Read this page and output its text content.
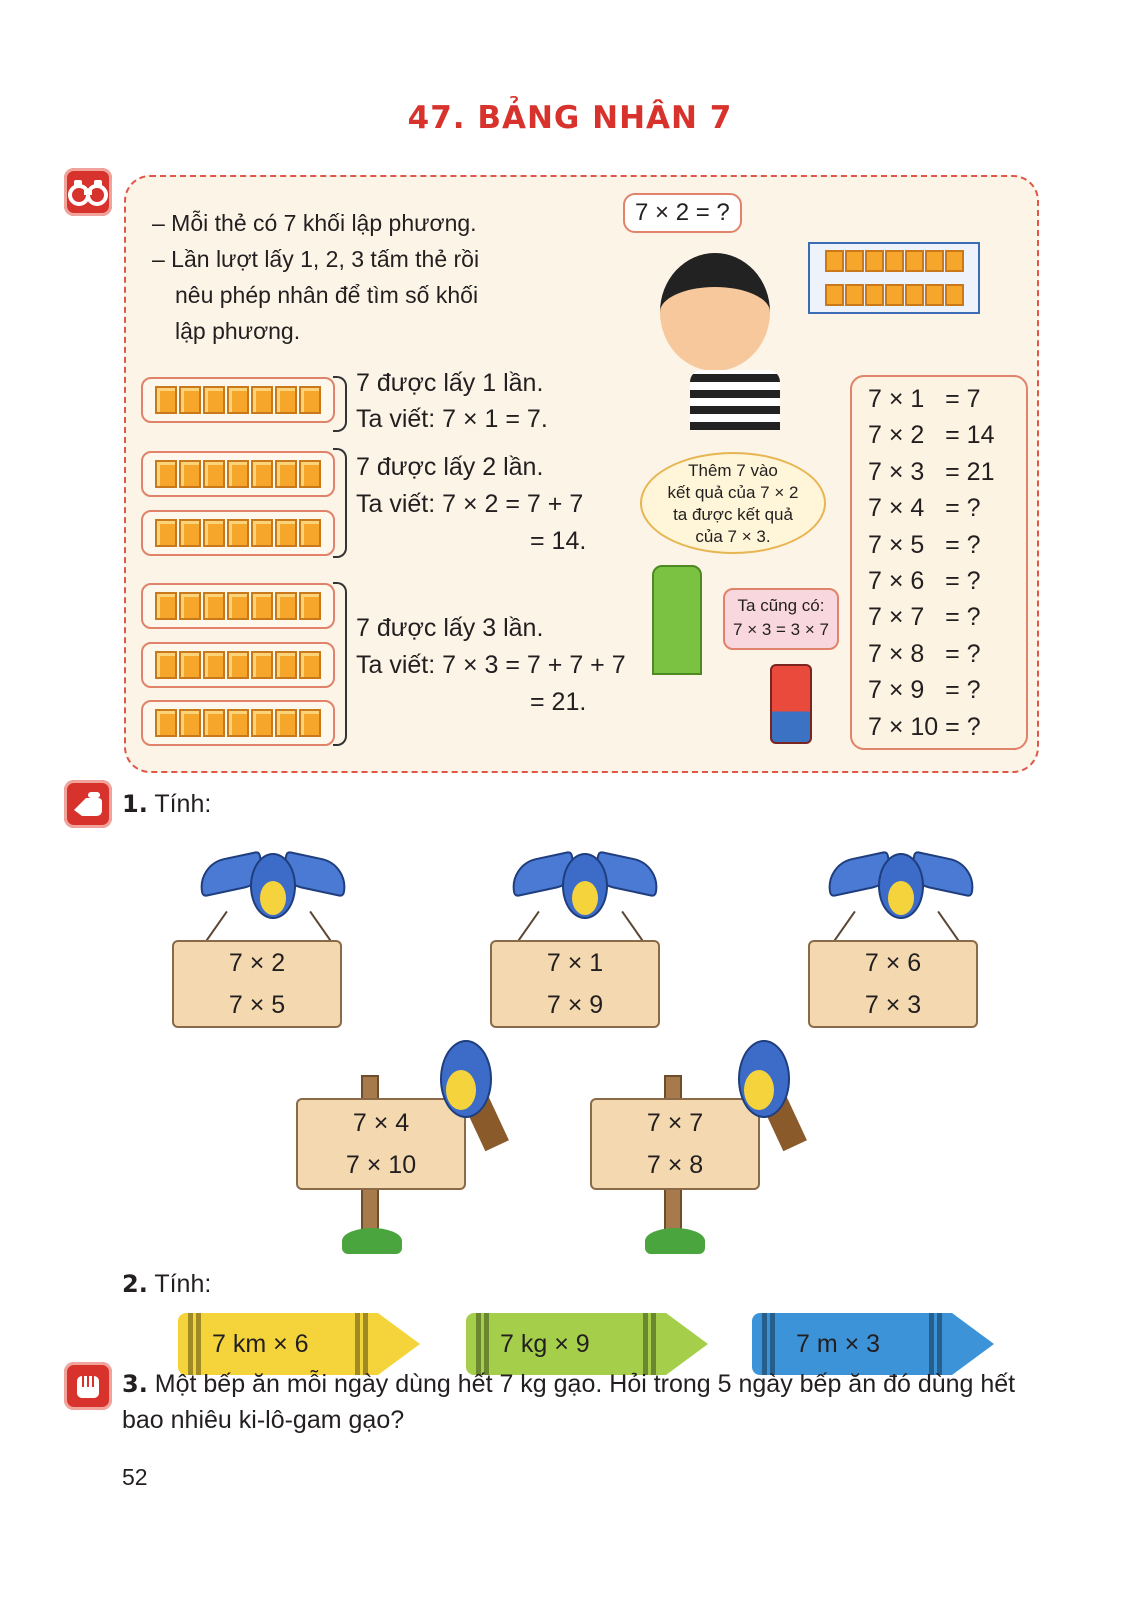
47. BẢNG NHÂN 7
– Mỗi thẻ có 7 khối lập phương.
– Lần lượt lấy 1, 2, 3 tấm thẻ rồi
nêu phép nhân để tìm số khối
lập phương.
7 × 2 = ?
7 được lấy 1 lần.
Ta viết: 7 × 1 = 7.
7 được lấy 2 lần.
Ta viết: 7 × 2 = 7 + 7
= 14.
7 được lấy 3 lần.
Ta viết: 7 × 3 = 7 + 7 + 7
= 21.
Thêm 7 vào
kết quả của 7 × 2
ta được kết quả
của 7 × 3.
Ta cũng có:
7 × 3 = 3 × 7
7 × 1   = 7
7 × 2   = 14
7 × 3   = 21
7 × 4   = ?
7 × 5   = ?
7 × 6   = ?
7 × 7   = ?
7 × 8   = ?
7 × 9   = ?
7 × 10 = ?
1. Tính:
7 × 2
7 × 5
7 × 1
7 × 9
7 × 6
7 × 3
7 × 4
7 × 10
7 × 7
7 × 8
2. Tính:
7 km × 6	7 kg × 9	7 m × 3
3. Một bếp ăn mỗi ngày dùng hết 7 kg gạo. Hỏi trong 5 ngày bếp ăn đó dùng hết bao nhiêu ki-lô-gam gạo?
52
